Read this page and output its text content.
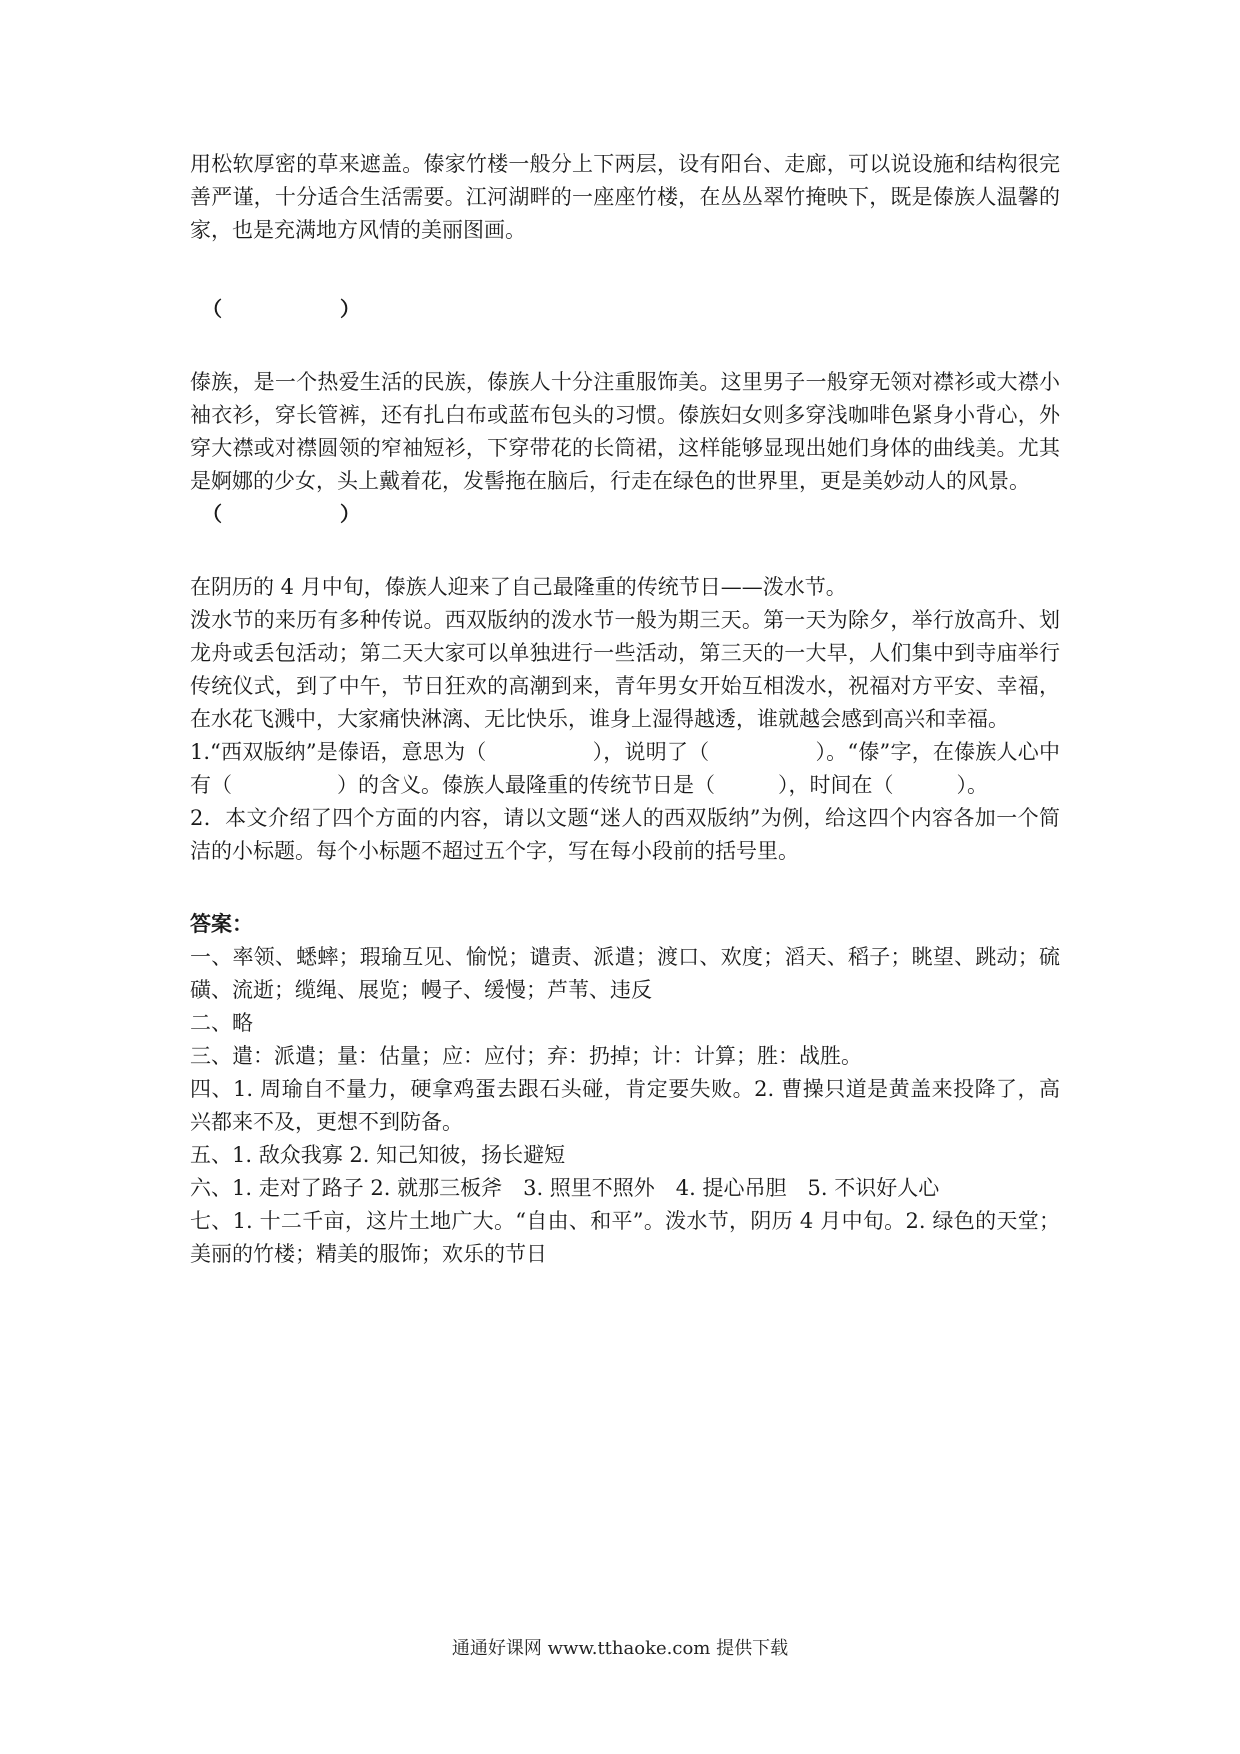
用松软厚密的草来遮盖。傣家竹楼一般分上下两层，设有阳台、走廊，可以说设施和结构很完善严谨，十分适合生活需要。江河湖畔的一座座竹楼，在丛丛翠竹掩映下，既是傣族人温馨的家，也是充满地方风情的美丽图画。

（	）

傣族，是一个热爱生活的民族，傣族人十分注重服饰美。这里男子一般穿无领对襟衫或大襟小袖衣衫，穿长管裤，还有扎白布或蓝布包头的习惯。傣族妇女则多穿浅咖啡色紧身小背心，外穿大襟或对襟圆领的窄袖短衫，下穿带花的长筒裙，这样能够显现出她们身体的曲线美。尤其是婀娜的少女，头上戴着花，发髻拖在脑后，行走在绿色的世界里，更是美妙动人的风景。

（	）

在阴历的 4 月中旬，傣族人迎来了自己最隆重的传统节日——泼水节。

泼水节的来历有多种传说。西双版纳的泼水节一般为期三天。第一天为除夕，举行放高升、划龙舟或丢包活动；第二天大家可以单独进行一些活动，第三天的一大早，人们集中到寺庙举行传统仪式，到了中午，节日狂欢的高潮到来，青年男女开始互相泼水，祝福对方平安、幸福，在水花飞溅中，大家痛快淋漓、无比快乐，谁身上湿得越透，谁就越会感到高兴和幸福。

1.“西双版纳”是傣语，意思为（　　　　　），说明了（　　　　　）。“傣”字，在傣族人心中有（　　　　　）的含义。傣族人最隆重的传统节日是（　　　），时间在（　　　）。

2．本文介绍了四个方面的内容，请以文题“迷人的西双版纳”为例，给这四个内容各加一个简洁的小标题。每个小标题不超过五个字，写在每小段前的括号里。

答案：

一、率领、蟋蟀；瑕瑜互见、愉悦；谴责、派遣；渡口、欢度；滔天、稻子；眺望、跳动；硫磺、流逝；缆绳、展览；幔子、缓慢；芦苇、违反

二、略

三、遣：派遣；量：估量；应：应付；弃：扔掉；计：计算；胜：战胜。

四、1. 周瑜自不量力，硬拿鸡蛋去跟石头碰，肯定要失败。2. 曹操只道是黄盖来投降了，高兴都来不及，更想不到防备。

五、1. 敌众我寡 2. 知己知彼，扬长避短

六、1. 走对了路子 2. 就那三板斧　3. 照里不照外　4. 提心吊胆　5. 不识好人心

七、1. 十二千亩，这片土地广大。“自由、和平”。泼水节，阴历 4 月中旬。2. 绿色的天堂；美丽的竹楼；精美的服饰；欢乐的节日

通通好课网 www.tthaoke.com 提供下载
